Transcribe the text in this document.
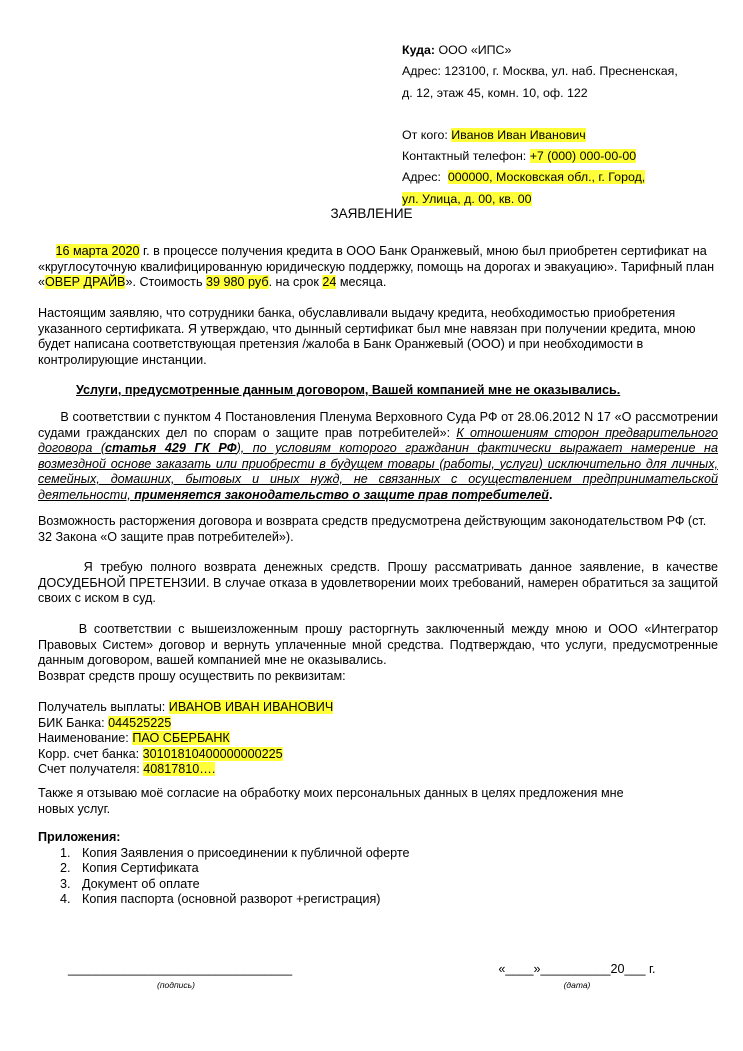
Куда: ООО «ИПС»
Адрес: 123100, г. Москва, ул. наб. Пресненская,
д. 12, этаж 45, комн. 10, оф. 122
От кого: Иванов Иван Иванович
Контактный телефон: +7 (000) 000-00-00
Адрес: 000000, Московская обл., г. Город,
ул. Улица, д. 00, кв. 00
ЗАЯВЛЕНИЕ
16 марта 2020 г. в процессе получения кредита в ООО Банк Оранжевый, мною был приобретен сертификат на «круглосуточную квалифицированную юридическую поддержку, помощь на дорогах и эвакуацию». Тарифный план «ОВЕР ДРАЙВ». Стоимость 39 980 руб. на срок 24 месяца.
Настоящим заявляю, что сотрудники банка, обуславливали выдачу кредита, необходимостью приобретения указанного сертификата. Я утверждаю, что дынный сертификат был мне навязан при получении кредита, мною будет написана соответствующая претензия /жалоба в Банк Оранжевый (ООО) и при необходимости в контролирующие инстанции.
Услуги, предусмотренные данным договором, Вашей компанией мне не оказывались.
В соответствии с пунктом 4 Постановления Пленума Верховного Суда РФ от 28.06.2012 N 17 «О рассмотрении судами гражданских дел по спорам о защите прав потребителей»: К отношениям сторон предварительного договора (статья 429 ГК РФ), по условиям которого гражданин фактически выражает намерение на возмездной основе заказать или приобрести в будущем товары (работы, услуги) исключительно для личных, семейных, домашних, бытовых и иных нужд, не связанных с осуществлением предпринимательской деятельности, применяется законодательство о защите прав потребителей.
Возможность расторжения договора и возврата средств предусмотрена действующим законодательством РФ (ст. 32 Закона «О защите прав потребителей»).
Я требую полного возврата денежных средств. Прошу рассматривать данное заявление, в качестве ДОСУДЕБНОЙ ПРЕТЕНЗИИ. В случае отказа в удовлетворении моих требований, намерен обратиться за защитой своих с иском в суд.
В соответствии с вышеизложенным прошу расторгнуть заключенный между мною и ООО «Интегратор Правовых Систем» договор и вернуть уплаченные мной средства. Подтверждаю, что услуги, предусмотренные данным договором, вашей компанией мне не оказывались.
Возврат средств прошу осуществить по реквизитам:
Получатель выплаты: ИВАНОВ ИВАН ИВАНОВИЧ
БИК Банка: 044525225
Наименование: ПАО СБЕРБАНК
Корр. счет банка: 30101810400000000225
Счет получателя: 40817810….
Также я отзываю моё согласие на обработку моих персональных данных в целях предложения мне новых услуг.
Приложения:
1. Копия Заявления о присоединении к публичной оферте
2. Копия Сертификата
3. Документ об оплате
4. Копия паспорта (основной разворот +регистрация)
________________________________
(подпись)
«____»__________20___ г.
(дата)
